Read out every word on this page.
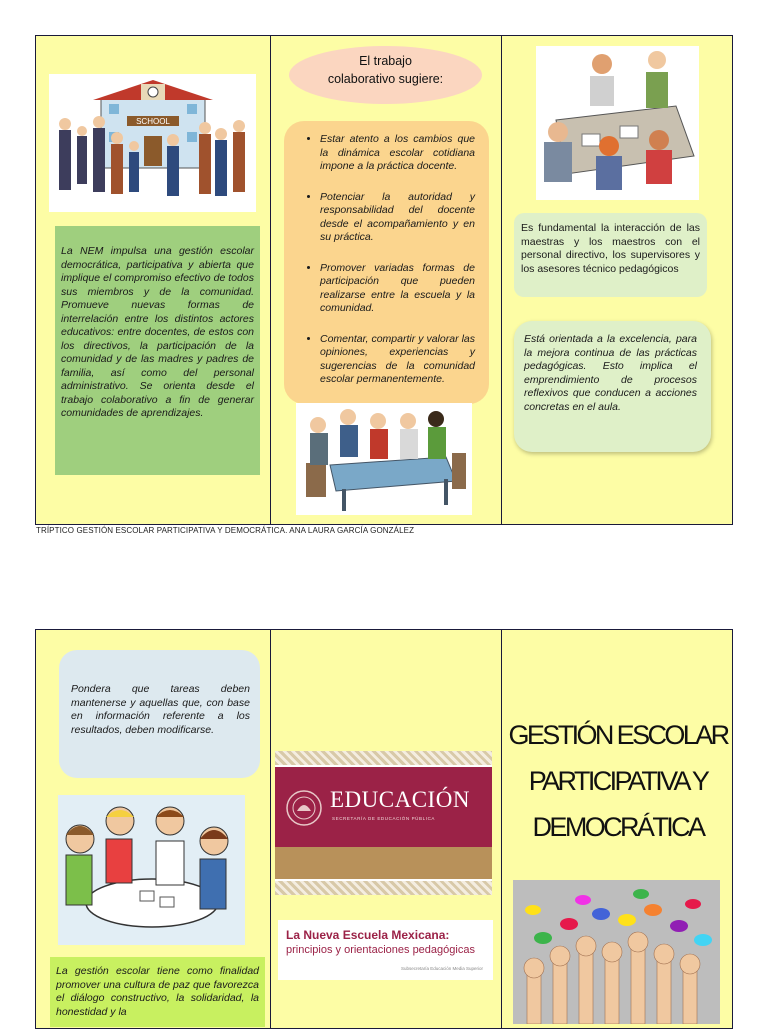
SCHOOL
La NEM impulsa una gestión escolar democrática, participativa y abierta que implique el compromiso efectivo de todos sus miembros y de la comunidad. Promueve nuevas formas de interrelación entre los distintos actores educativos: entre docentes, de estos con los directivos, la participación de la comunidad y de las madres y padres de familia, así como del personal administrativo. Se orienta desde el trabajo colaborativo a fin de generar comunidades de aprendizajes.
El trabajo
colaborativo sugiere:
• Estar atento a los cambios que la dinámica escolar cotidiana impone a la práctica docente.
• Potenciar la autoridad y responsabilidad del docente desde el acompañamiento y en su práctica.
• Promover variadas formas de participación que pueden realizarse entre la escuela y la comunidad.
• Comentar, compartir y valorar las opiniones, experiencias y sugerencias de la comunidad escolar permanentemente.
Es fundamental la interacción de las maestras y los maestros con el personal directivo, los supervisores y los asesores técnico pedagógicos
Está orientada a la excelencia, para la mejora continua de las prácticas pedagógicas. Esto implica el emprendimiento de procesos reflexivos que conducen a acciones concretas en el aula.
TRÍPTICO GESTIÓN ESCOLAR PARTICIPATIVA Y DEMOCRÁTICA. ANA LAURA GARCÍA GONZÁLEZ
Pondera que tareas deben mantenerse y aquellas que, con base en información referente a los resultados, deben modificarse.
La gestión escolar tiene como finalidad promover una cultura de paz que favorezca el diálogo constructivo, la solidaridad, la honestidad y la
EDUCACIÓN
SECRETARÍA DE EDUCACIÓN PÚBLICA
La Nueva Escuela Mexicana:
principios y orientaciones pedagógicas
Subsecretaría Educación Media Superior
GESTIÓN ESCOLAR
PARTICIPATIVA Y
DEMOCRÁTICA
